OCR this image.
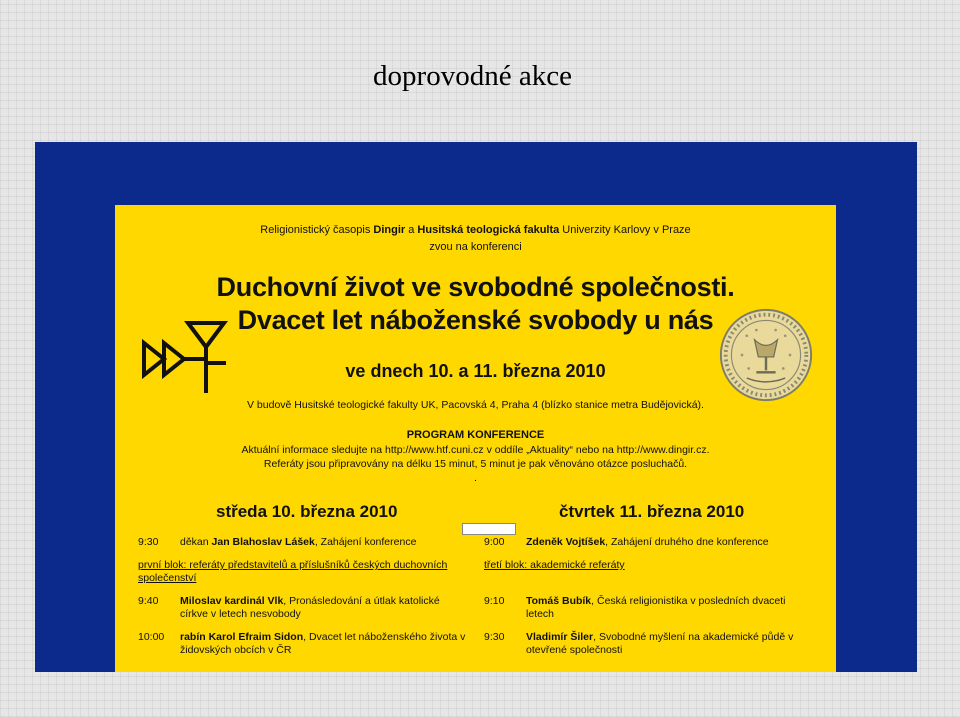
doprovodné akce
Religionistický časopis Dingir a Husitská teologická fakulta Univerzity Karlovy v Praze
zvou na konferenci
Duchovní život ve svobodné společnosti.
Dvacet let náboženské svobody u nás
ve dnech 10. a 11. března 2010
V budově Husitské teologické fakulty UK, Pacovská 4, Praha 4 (blízko stanice metra Budějovická).
PROGRAM KONFERENCE
Aktuální informace sledujte na http://www.htf.cuni.cz v oddíle „Aktuality“ nebo na http://www.dingir.cz.
Referáty jsou připravovány na délku 15 minut, 5 minut je pak věnováno otázce posluchačů.
.
středa 10. března 2010
9:30	děkan Jan Blahoslav Lášek, Zahájení konference
první blok: referáty představitelů a příslušníků českých duchovních společenství
9:40	Miloslav kardinál Vlk, Pronásledování a útlak katolické církve v letech nesvobody
10:00	rabín Karol Efraim Sidon, Dvacet let náboženského života v židovských obcích v ČR
čtvrtek 11. března 2010
9:00	Zdeněk Vojtíšek, Zahájení druhého dne konference
třetí blok: akademické referáty
9:10	Tomáš Bubík, Česká religionistika v posledních dvaceti letech
9:30	Vladimír Šiler, Svobodné myšlení na akademické půdě v otevřené společnosti
